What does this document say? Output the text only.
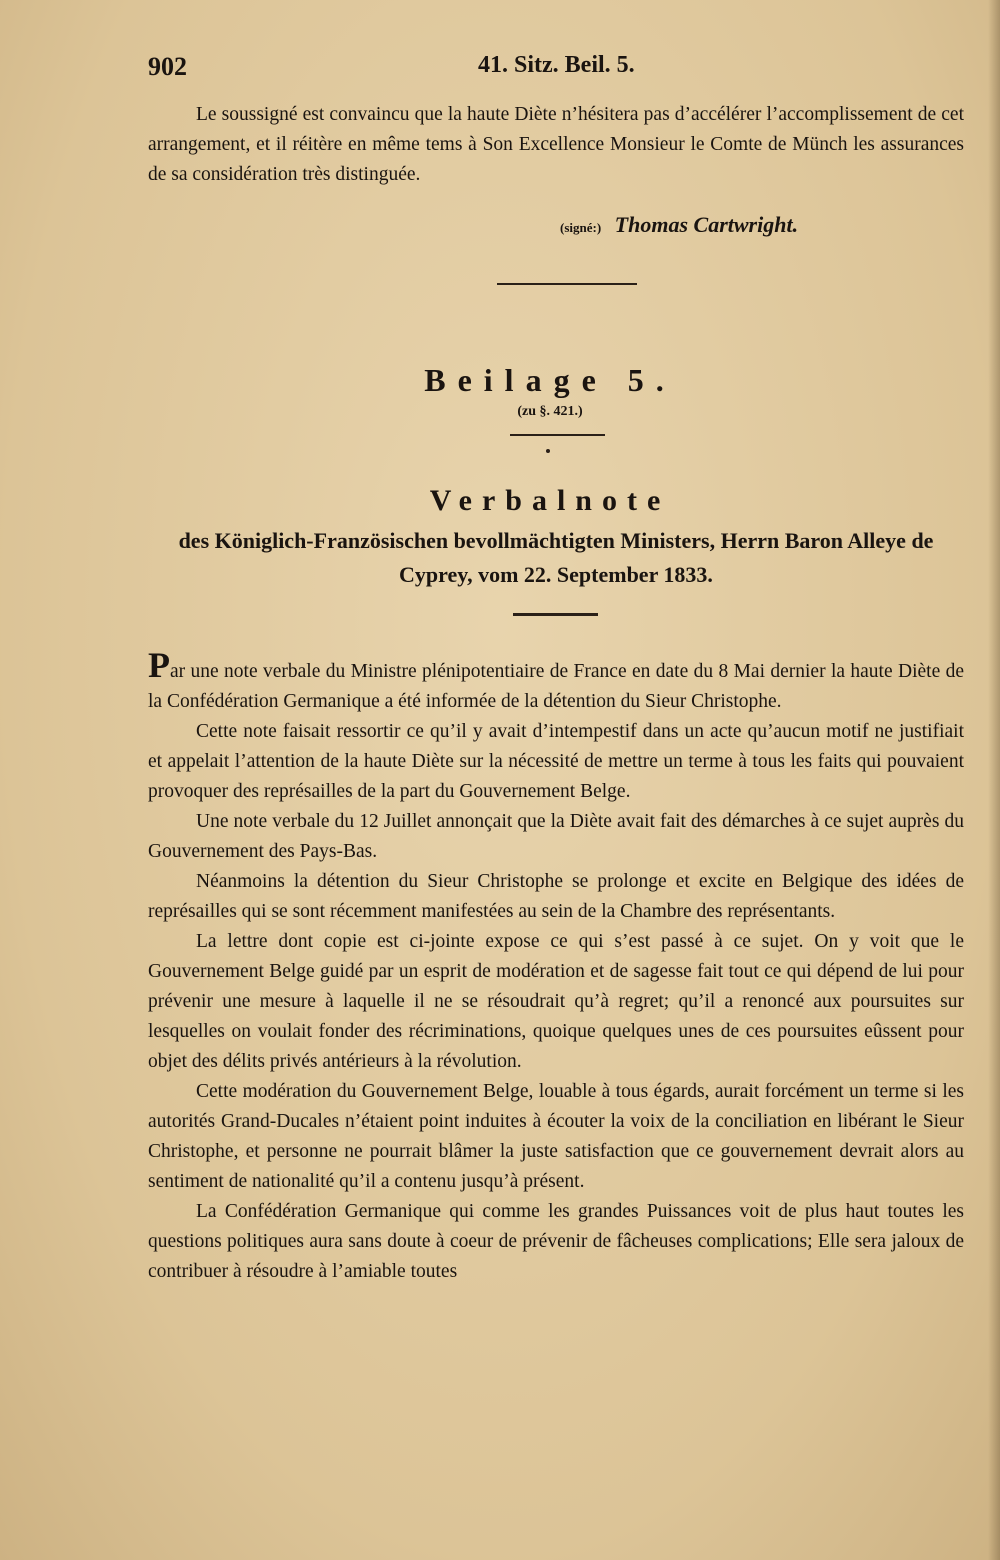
902	41. Sitz. Beil. 5.

Le soussigné est convaincu que la haute Diète n’hésitera pas d’accélérer l’accomplissement de cet arrangement, et il réitère en même tems à Son Excellence Monsieur le Comte de Münch les assurances de sa considération très distinguée.

(signé:) Thomas Cartwright.
Beilage 5.
(zu §. 421.)
Verbalnote
des Königlich-Französischen bevollmächtigten Ministers, Herrn Baron Alleye de Cyprey, vom 22. September 1833.

Par une note verbale du Ministre plénipotentiaire de France en date du 8 Mai dernier la haute Diète de la Confédération Germanique a été informée de la détention du Sieur Christophe.

Cette note faisait ressortir ce qu’il y avait d’intempestif dans un acte qu’aucun motif ne justifiait et appelait l’attention de la haute Diète sur la nécessité de mettre un terme à tous les faits qui pouvaient provoquer des représailles de la part du Gouvernement Belge.

Une note verbale du 12 Juillet annonçait que la Diète avait fait des démarches à ce sujet auprès du Gouvernement des Pays-Bas.

Néanmoins la détention du Sieur Christophe se prolonge et excite en Belgique des idées de représailles qui se sont récemment manifestées au sein de la Chambre des représentants.

La lettre dont copie est ci-jointe expose ce qui s’est passé à ce sujet. On y voit que le Gouvernement Belge guidé par un esprit de modération et de sagesse fait tout ce qui dépend de lui pour prévenir une mesure à laquelle il ne se résoudrait qu’à regret; qu’il a renoncé aux poursuites sur lesquelles on voulait fonder des récriminations, quoique quelques unes de ces poursuites eûssent pour objet des délits privés antérieurs à la révolution.

Cette modération du Gouvernement Belge, louable à tous égards, aurait forcément un terme si les autorités Grand-Ducales n’étaient point induites à écouter la voix de la conciliation en libérant le Sieur Christophe, et personne ne pourrait blâmer la juste satisfaction que ce gouvernement devrait alors au sentiment de nationalité qu’il a contenu jusqu’à présent.

La Confédération Germanique qui comme les grandes Puissances voit de plus haut toutes les questions politiques aura sans doute à coeur de prévenir de fâcheuses complications; Elle sera jaloux de contribuer à résoudre à l’amiable toutes
